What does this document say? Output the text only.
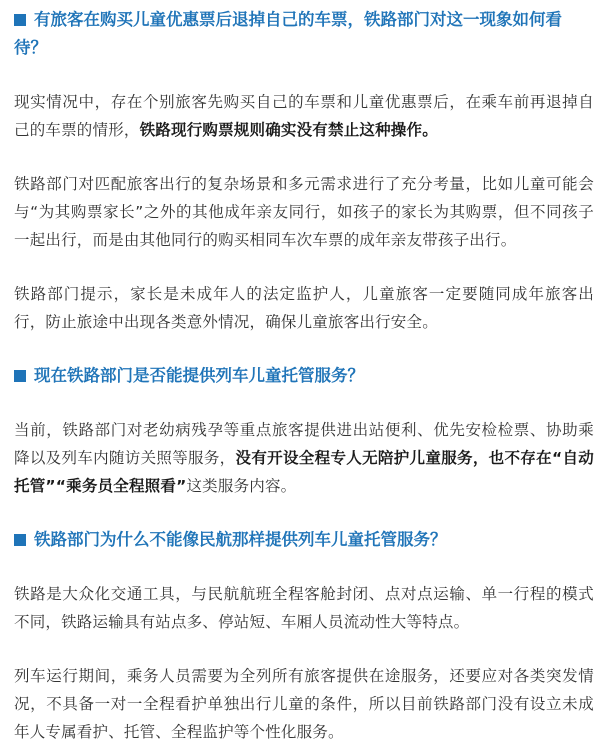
有旅客在购买儿童优惠票后退掉自己的车票，铁路部门对这一现象如何看待？
现实情况中，存在个别旅客先购买自己的车票和儿童优惠票后，在乘车前再退掉自己的车票的情形，铁路现行购票规则确实没有禁止这种操作。
铁路部门对匹配旅客出行的复杂场景和多元需求进行了充分考量，比如儿童可能会与“为其购票家长”之外的其他成年亲友同行，如孩子的家长为其购票，但不同孩子一起出行，而是由其他同行的购买相同车次车票的成年亲友带孩子出行。
铁路部门提示，家长是未成年人的法定监护人，儿童旅客一定要随同成年旅客出行，防止旅途中出现各类意外情况，确保儿童旅客出行安全。
现在铁路部门是否能提供列车儿童托管服务？
当前，铁路部门对老幼病残孕等重点旅客提供进出站便利、优先安检检票、协助乘降以及列车内随访关照等服务，没有开设全程专人无陪护儿童服务，也不存在“自动托管”“乘务员全程照看”这类服务内容。
铁路部门为什么不能像民航那样提供列车儿童托管服务？
铁路是大众化交通工具，与民航航班全程客舱封闭、点对点运输、单一行程的模式不同，铁路运输具有站点多、停站短、车厢人员流动性大等特点。
列车运行期间，乘务人员需要为全列所有旅客提供在途服务，还要应对各类突发情况，不具备一对一全程看护单独出行儿童的条件，所以目前铁路部门没有设立未成年人专属看护、托管、全程监护等个性化服务。
